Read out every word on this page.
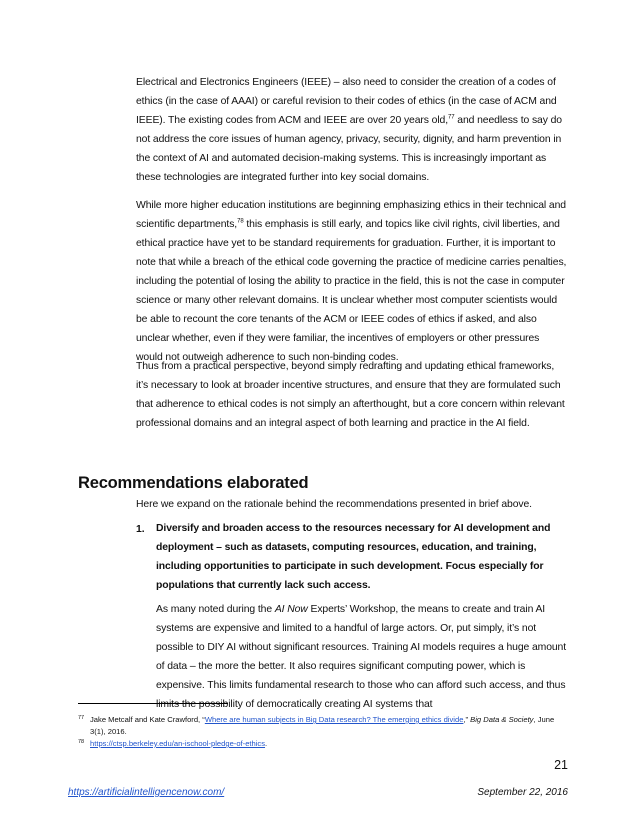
Electrical and Electronics Engineers (IEEE) – also need to consider the creation of a codes of ethics (in the case of AAAI) or careful revision to their codes of ethics (in the case of ACM and IEEE). The existing codes from ACM and IEEE are over 20 years old,$^{77}$ and needless to say do not address the core issues of human agency, privacy, security, dignity, and harm prevention in the context of AI and automated decision-making systems. This is increasingly important as these technologies are integrated further into key social domains.

While more higher education institutions are beginning emphasizing ethics in their technical and scientific departments,$^{78}$ this emphasis is still early, and topics like civil rights, civil liberties, and ethical practice have yet to be standard requirements for graduation. Further, it is important to note that while a breach of the ethical code governing the practice of medicine carries penalties, including the potential of losing the ability to practice in the field, this is not the case in computer science or many other relevant domains. It is unclear whether most computer scientists would be able to recount the core tenants of the ACM or IEEE codes of ethics if asked, and also unclear whether, even if they were familiar, the incentives of employers or other pressures would not outweigh adherence to such non-binding codes.

Thus from a practical perspective, beyond simply redrafting and updating ethical frameworks, it’s necessary to look at broader incentive structures, and ensure that they are formulated such that adherence to ethical codes is not simply an afterthought, but a core concern within relevant professional domains and an integral aspect of both learning and practice in the AI field.

Recommendations elaborated

Here we expand on the rationale behind the recommendations presented in brief above.

1. Diversify and broaden access to the resources necessary for AI development and deployment – such as datasets, computing resources, education, and training, including opportunities to participate in such development. Focus especially for populations that currently lack such access.

As many noted during the AI Now Experts’ Workshop, the means to create and train AI systems are expensive and limited to a handful of large actors. Or, put simply, it’s not possible to DIY AI without significant resources. Training AI models requires a huge amount of data – the more the better. It also requires significant computing power, which is expensive. This limits fundamental research to those who can afford such access, and thus limits the possibility of democratically creating AI systems that

77 Jake Metcalf and Kate Crawford, “Where are human subjects in Big Data research? The emerging ethics divide,” Big Data & Society, June 3(1), 2016.
78 https://ctsp.berkeley.edu/an-ischool-pledge-of-ethics.
21
https://artificialintelligencenow.com/	September 22, 2016
